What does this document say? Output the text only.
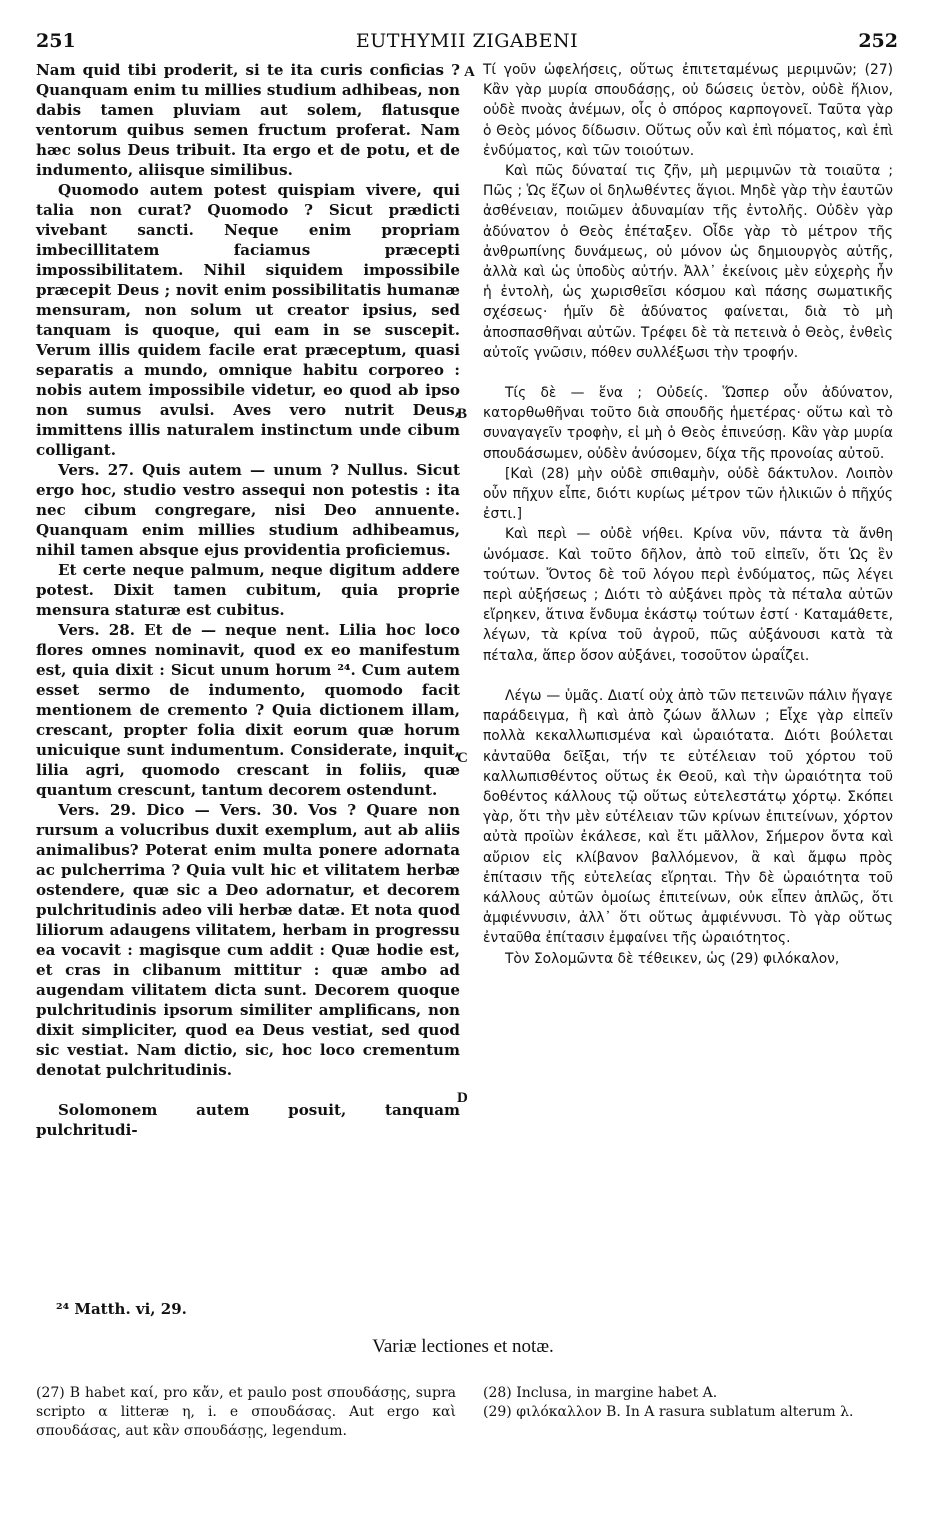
251	EUTHYMII ZIGABENI	252

Nam quid tibi proderit, si te ita curis conficias ? Quanquam enim tu millies studium adhibeas, non dabis tamen pluviam aut solem, flatusque ventorum quibus semen fructum proferat. Nam hæc solus Deus tribuit. Ita ergo et de potu, et de indumento, aliisque similibus.

Quomodo autem potest quispiam vivere, qui talia non curat? Quomodo ? Sicut prædicti vivebant sancti. Neque enim propriam imbecillitatem faciamus præcepti impossibilitatem. Nihil siquidem impossibile præcepit Deus ; novit enim possibilitatis humanæ mensuram, non solum ut creator ipsius, sed tanquam is quoque, qui eam in se suscepit. Verum illis quidem facile erat præceptum, quasi separatis a mundo, omnique habitu corporeo : nobis autem impossibile videtur, eo quod ab ipso non sumus avulsi. Aves vero nutrit Deus, immittens illis naturalem instinctum unde cibum colligant.

Vers. 27. Quis autem — unum ? Nullus. Sicut ergo hoc, studio vestro assequi non potestis : ita nec cibum congregare, nisi Deo annuente. Quanquam enim millies studium adhibeamus, nihil tamen absque ejus providentia proficiemus.

Et certe neque palmum, neque digitum addere potest. Dixit tamen cubitum, quia proprie mensura staturæ est cubitus.

Vers. 28. Et de — neque nent. Lilia hoc loco flores omnes nominavit, quod ex eo manifestum est, quia dixit : Sicut unum horum ²⁴. Cum autem esset sermo de indumento, quomodo facit mentionem de cremento ? Quia dictionem illam, crescant, propter folia dixit eorum quæ horum unicuique sunt indumentum. Considerate, inquit, lilia agri, quomodo crescant in foliis, quæ quantum crescunt, tantum decorem ostendunt.

Vers. 29. Dico — Vers. 30. Vos ? Quare non rursum a volucribus duxit exemplum, aut ab aliis animalibus? Poterat enim multa ponere adornata ac pulcherrima ? Quia vult hic et vilitatem herbæ ostendere, quæ sic a Deo adornatur, et decorem pulchritudinis adeo vili herbæ datæ. Et nota quod liliorum adaugens vilitatem, herbam in progressu ea vocavit : magisque cum addit : Quæ hodie est, et cras in clibanum mittitur : quæ ambo ad augendam vilitatem dicta sunt. Decorem quoque pulchritudinis ipsorum similiter amplificans, non dixit simpliciter, quod ea Deus vestiat, sed quod sic vestiat. Nam dictio, sic, hoc loco crementum denotat pulchritudinis.

Solomonem autem posuit, tanquam pulchritudi-

A
B
C
D

Τί γοῦν ὠφελήσεις, οὕτως ἐπιτεταμένως μεριμνῶν; (27) Κἂν γὰρ μυρία σπουδάσῃς, οὐ δώσεις ὑετὸν, οὐδὲ ἥλιον, οὐδὲ πνοὰς ἀνέμων, οἷς ὁ σπόρος καρπογονεῖ. Ταῦτα γὰρ ὁ Θεὸς μόνος δίδωσιν. Οὕτως οὖν καὶ ἐπὶ πόματος, καὶ ἐπὶ ἐνδύματος, καὶ τῶν τοιούτων.

Καὶ πῶς δύναταί τις ζῆν, μὴ μεριμνῶν τὰ τοιαῦτα ; Πῶς ; Ὡς ἔζων οἱ δηλωθέντες ἅγιοι. Μηδὲ γὰρ τὴν ἑαυτῶν ἀσθένειαν, ποιῶμεν ἀδυναμίαν τῆς ἐντολῆς. Οὐδὲν γὰρ ἀδύνατον ὁ Θεὸς ἐπέταξεν. Οἶδε γὰρ τὸ μέτρον τῆς ἀνθρωπίνης δυνάμεως, οὐ μόνον ὡς δημιουργὸς αὐτῆς, ἀλλὰ καὶ ὡς ὑποδὺς αὐτήν. Ἀλλ᾽ ἐκείνοις μὲν εὐχερὴς ἦν ἡ ἐντολὴ, ὡς χωρισθεῖσι κόσμου καὶ πάσης σωματικῆς σχέσεως· ἡμῖν δὲ ἀδύνατος φαίνεται, διὰ τὸ μὴ ἀποσπασθῆναι αὐτῶν. Τρέφει δὲ τὰ πετεινὰ ὁ Θεὸς, ἐνθεὶς αὐτοῖς γνῶσιν, πόθεν συλλέξωσι τὴν τροφήν.

Τίς δὲ — ἕνα ; Οὐδείς. Ὥσπερ οὖν ἀδύνατον, κατορθωθῆναι τοῦτο διὰ σπουδῆς ἡμετέρας· οὕτω καὶ τὸ συναγαγεῖν τροφὴν, εἰ μὴ ὁ Θεὸς ἐπινεύσῃ. Κἂν γὰρ μυρία σπουδάσωμεν, οὐδὲν ἀνύσομεν, δίχα τῆς προνοίας αὐτοῦ.

[Καὶ (28) μὴν οὐδὲ σπιθαμὴν, οὐδὲ δάκτυλον. Λοιπὸν οὖν πῆχυν εἶπε, διότι κυρίως μέτρον τῶν ἡλικιῶν ὁ πῆχύς ἐστι.]

Καὶ περὶ — οὐδὲ νήθει. Κρίνα νῦν, πάντα τὰ ἄνθη ὠνόμασε. Καὶ τοῦτο δῆλον, ἀπὸ τοῦ εἰπεῖν, ὅτι Ὡς ἓν τούτων. Ὄντος δὲ τοῦ λόγου περὶ ἐνδύματος, πῶς λέγει περὶ αὐξήσεως ; Διότι τὸ αὐξάνει πρὸς τὰ πέταλα αὐτῶν εἴρηκεν, ἅτινα ἔνδυμα ἑκάστῳ τούτων ἐστί · Καταμάθετε, λέγων, τὰ κρίνα τοῦ ἀγροῦ, πῶς αὐξάνουσι κατὰ τὰ πέταλα, ἅπερ ὅσον αὐξάνει, τοσοῦτον ὡραΐζει.

Λέγω — ὑμᾶς. Διατί οὐχ ἀπὸ τῶν πετεινῶν πάλιν ἤγαγε παράδειγμα, ἢ καὶ ἀπὸ ζώων ἄλλων ; Εἶχε γὰρ εἰπεῖν πολλὰ κεκαλλωπισμένα καὶ ὡραιότατα. Διότι βούλεται κἀνταῦθα δεῖξαι, τήν τε εὐτέλειαν τοῦ χόρτου τοῦ καλλωπισθέντος οὕτως ἐκ Θεοῦ, καὶ τὴν ὡραιότητα τοῦ δοθέντος κάλλους τῷ οὕτως εὐτελεστάτῳ χόρτῳ. Σκόπει γὰρ, ὅτι τὴν μὲν εὐτέλειαν τῶν κρίνων ἐπιτείνων, χόρτον αὐτὰ προϊὼν ἐκάλεσε, καὶ ἔτι μᾶλλον, Σήμερον ὄντα καὶ αὔριον εἰς κλίβανον βαλλόμενον, ἃ καὶ ἄμφω πρὸς ἐπίτασιν τῆς εὐτελείας εἴρηται. Τὴν δὲ ὡραιότητα τοῦ κάλλους αὐτῶν ὁμοίως ἐπιτείνων, οὐκ εἶπεν ἁπλῶς, ὅτι ἀμφιέννυσιν, ἀλλ᾽ ὅτι οὕτως ἀμφιέννυσι. Τὸ γὰρ οὕτως ἐνταῦθα ἐπίτασιν ἐμφαίνει τῆς ὡραιότητος.

Τὸν Σολομῶντα δὲ τέθεικεν, ὡς (29) φιλόκαλον,

²⁴ Matth. vi, 29.
Variæ lectiones et notæ.
(27) B habet καί, pro κἄν, et paulo post σπουδάσῃς, supra scripto α litteræ η, i. e σπουδάσας. Aut ergo καὶ σπουδάσας, aut κἂν σπουδάσῃς, legendum.
(28) Inclusa, in margine habet A.
(29) φιλόκαλλον B. In A rasura sublatum alterum λ.
